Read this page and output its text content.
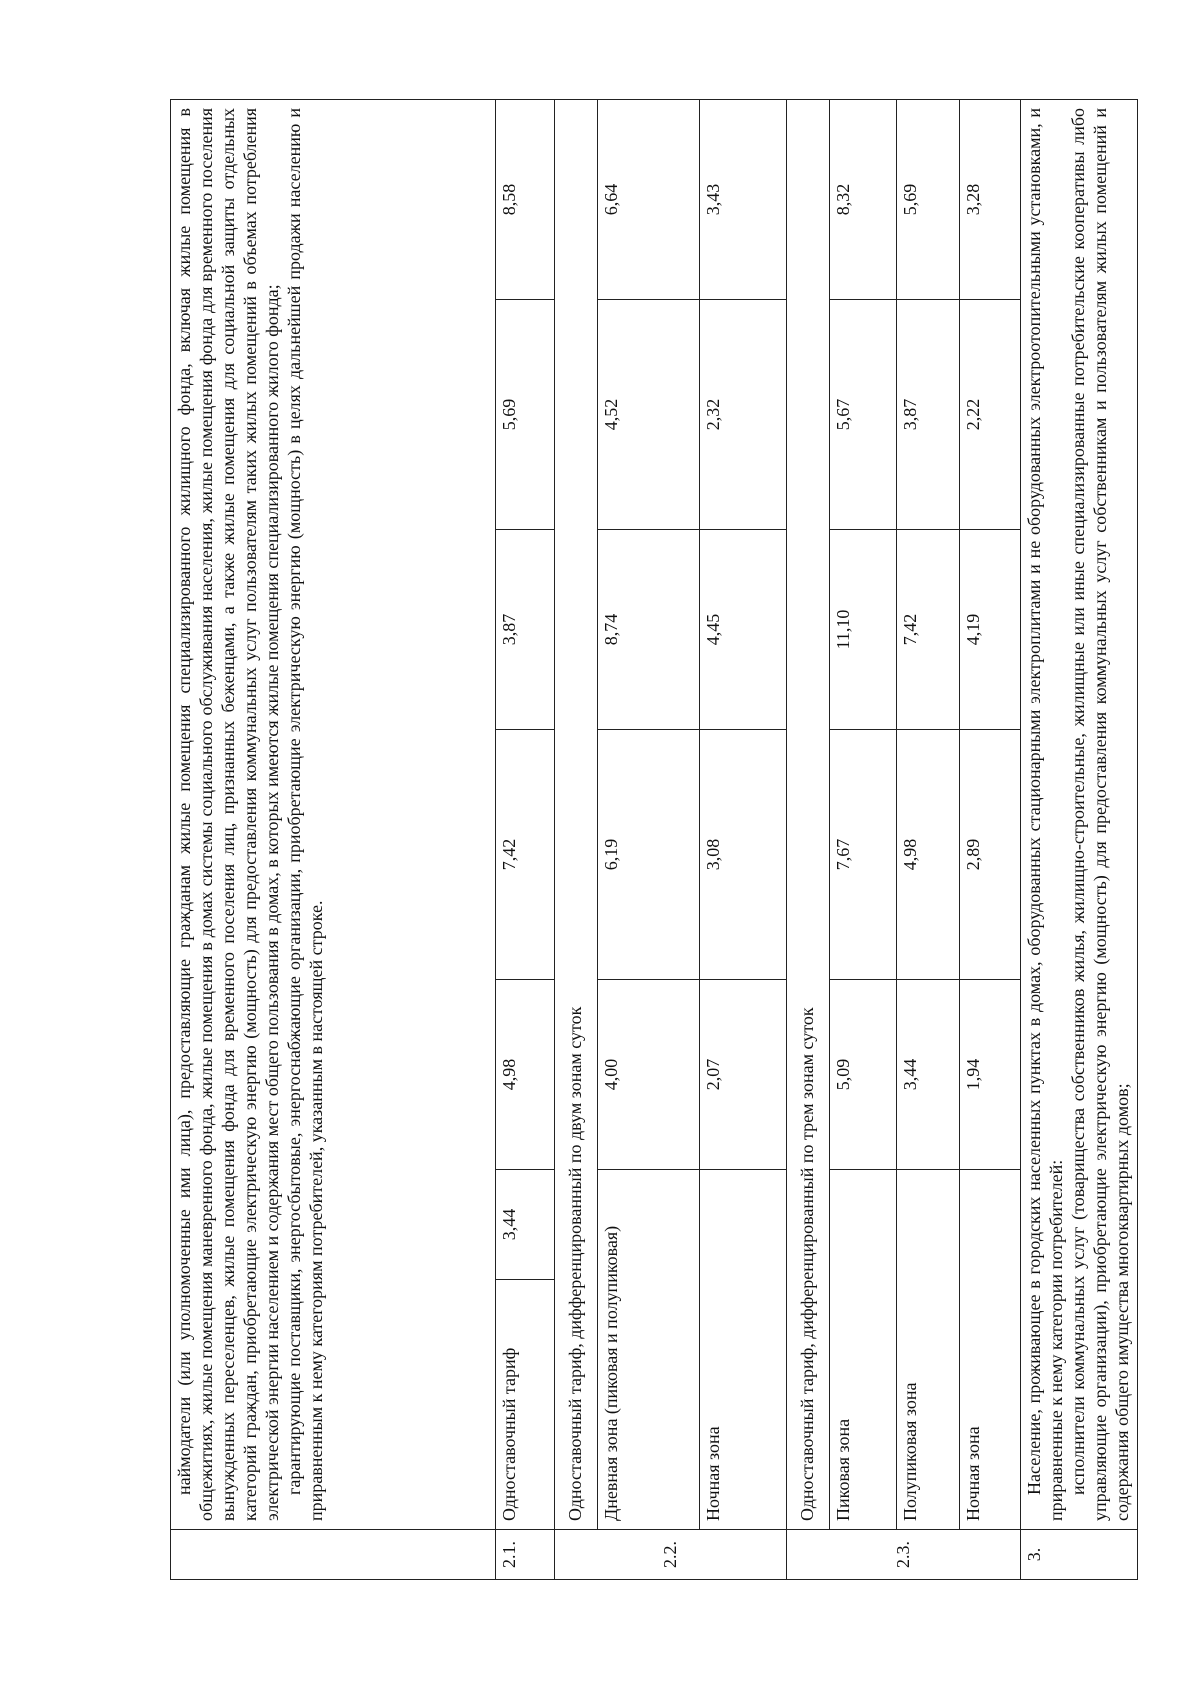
	наймодатели (или уполномоченные ими лица), предоставляющие гражданам жилые помещения специализированного жилищного фонда, включая жилые помещения в общежитиях, жилые помещения маневренного фонда, жилые помещения в домах системы социального обслуживания населения, жилые помещения фонда для временного поселения вынужденных переселенцев, жилые помещения фонда для временного поселения лиц, признанных беженцами, а также жилые помещения для социальной защиты отдельных категорий граждан, приобретающие электрическую энергию (мощность) для предоставления коммунальных услуг пользователям таких жилых помещений в объемах потребления электрической энергии населением и содержания мест общего пользования в домах, в которых имеются жилые помещения специализированного жилого фонда; гарантирующие поставщики, энергосбытовые, энергоснабжающие организации, приобретающие электрическую энергию (мощность) в целях дальнейшей продажи населению и приравненным к нему категориям потребителей, указанным в настоящей строке.						

2.1.	Одноставочный тариф	3,44	4,98	7,42	3,87	5,69	8,58
2.2.	Одноставочный тариф, дифференцированный по двум зонам суток						
	Дневная зона (пиковая и полупиковая)		4,00	6,19	8,74	4,52	6,64
	Ночная зона		2,07	3,08	4,45	2,32	3,43
2.3.	Одноставочный тариф, дифференцированный по трем зонам суток						
	Пиковая зона		5,09	7,67	11,10	5,67	8,32
	Полупиковая зона		3,44	4,98	7,42	3,87	5,69
	Ночная зона		1,94	2,89	4,19	2,22	3,28
3.	Население, проживающее в городских населенных пунктах в домах, оборудованных стационарными электроплитами и не оборудованных электроотопительными установками, и приравненные к нему категории потребителей: исполнители коммунальных услуг (товарищества собственников жилья, жилищно-строительные, жилищные или иные специализированные потребительские кооперативы либо управляющие организации), приобретающие электрическую энергию (мощность) для предоставления коммунальных услуг собственникам и пользователям жилых помещений и содержания общего имущества многоквартирных домов;						
